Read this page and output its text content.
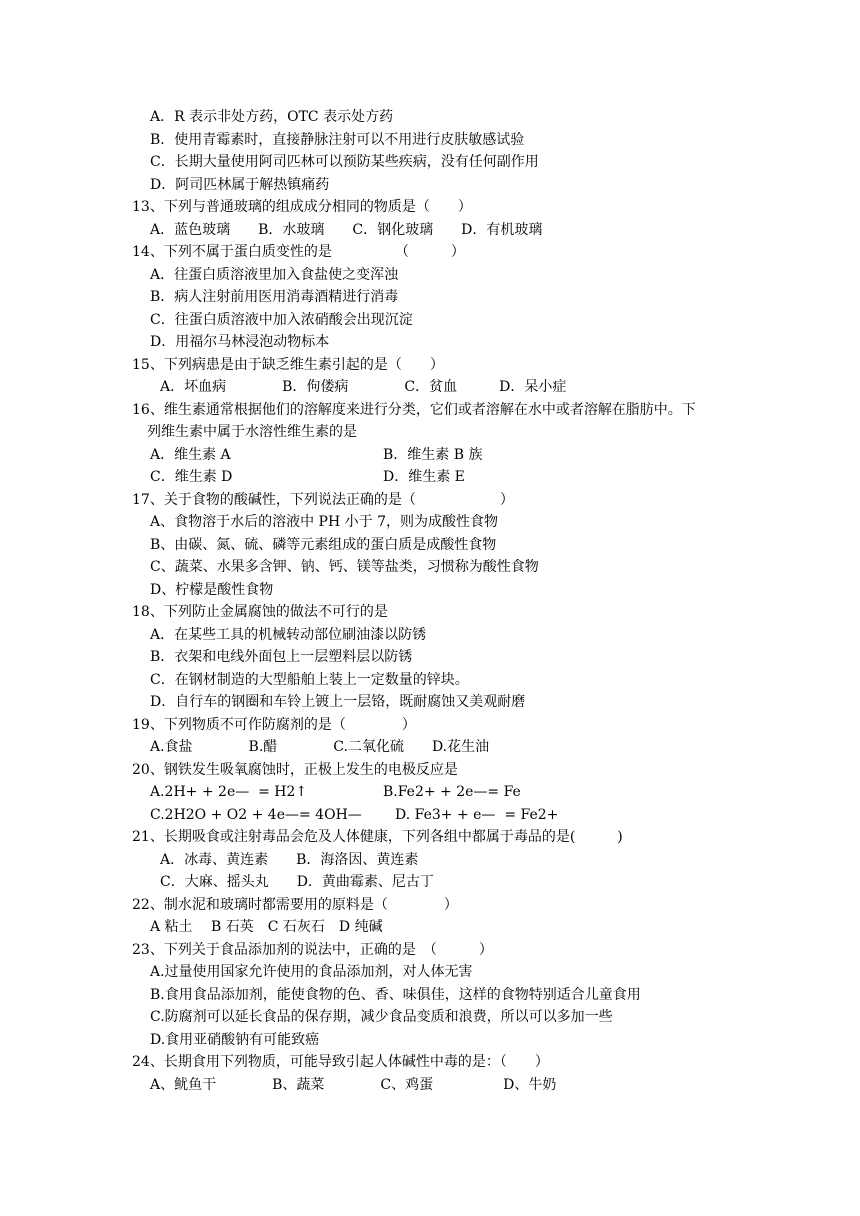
A．R 表示非处方药，OTC 表示处方药
B．使用青霉素时，直接静脉注射可以不用进行皮肤敏感试验
C．长期大量使用阿司匹林可以预防某些疾病，没有任何副作用
D．阿司匹林属于解热镇痛药
13、下列与普通玻璃的组成成分相同的物质是（　　）
A．蓝色玻璃　　B．水玻璃　　C．钢化玻璃　　D．有机玻璃
14、下列不属于蛋白质变性的是　　　　　（　　　）
A．往蛋白质溶液里加入食盐使之变浑浊
B．病人注射前用医用消毒酒精进行消毒
C．往蛋白质溶液中加入浓硝酸会出现沉淀
D．用福尔马林浸泡动物标本
15、下列病患是由于缺乏维生素引起的是（　　）
A．坏血病　　　　B．佝偻病　　　　C．贫血　　　D．呆小症
16、维生素通常根据他们的溶解度来进行分类，它们或者溶解在水中或者溶解在脂肪中。下
列维生素中属于水溶性维生素的是
A．维生素 A	B．维生素 B 族
C．维生素 D	D．维生素 E
17、关于食物的酸碱性，下列说法正确的是（　　　　　　）
A、食物溶于水后的溶液中 PH 小于 7，则为成酸性食物
B、由碳、氮、硫、磷等元素组成的蛋白质是成酸性食物
C、蔬菜、水果多含钾、钠、钙、镁等盐类，习惯称为酸性食物
D、柠檬是酸性食物
18、下列防止金属腐蚀的做法不可行的是
A．在某些工具的机械转动部位刷油漆以防锈
B．衣架和电线外面包上一层塑料层以防锈
C．在钢材制造的大型船舶上装上一定数量的锌块。
D．自行车的钢圈和车铃上镀上一层铬，既耐腐蚀又美观耐磨
19、下列物质不可作防腐剂的是（　　　　）
A.食盐　　　　B.醋　　　　C.二氧化硫　　D.花生油
20、钢铁发生吸氧腐蚀时，正极上发生的电极反应是
A.2H+ + 2e—  = H2↑	B.Fe2+ + 2e—= Fe
C.2H2O + O2 + 4e—= 4OH— D. Fe3+ + e—  = Fe2+
21、长期吸食或注射毒品会危及人体健康，下列各组中都属于毒品的是(　　　)
A．冰毒、黄连素　　B．海洛因、黄连素
C．大麻、摇头丸　　D．黄曲霉素、尼古丁
22、制水泥和玻璃时都需要用的原料是（　　　　）
A 粘土　 B 石英　C 石灰石　D 纯碱
23、下列关于食品添加剂的说法中，正确的是　（　　　）
A.过量使用国家允许使用的食品添加剂，对人体无害
B.食用食品添加剂，能使食物的色、香、味俱佳，这样的食物特别适合儿童食用
C.防腐剂可以延长食品的保存期，减少食品变质和浪费，所以可以多加一些
D.食用亚硝酸钠有可能致癌
24、长期食用下列物质，可能导致引起人体碱性中毒的是：（　　）
A、鱿鱼干　　　　B、蔬菜　　　　C、鸡蛋　　　　　D、牛奶
